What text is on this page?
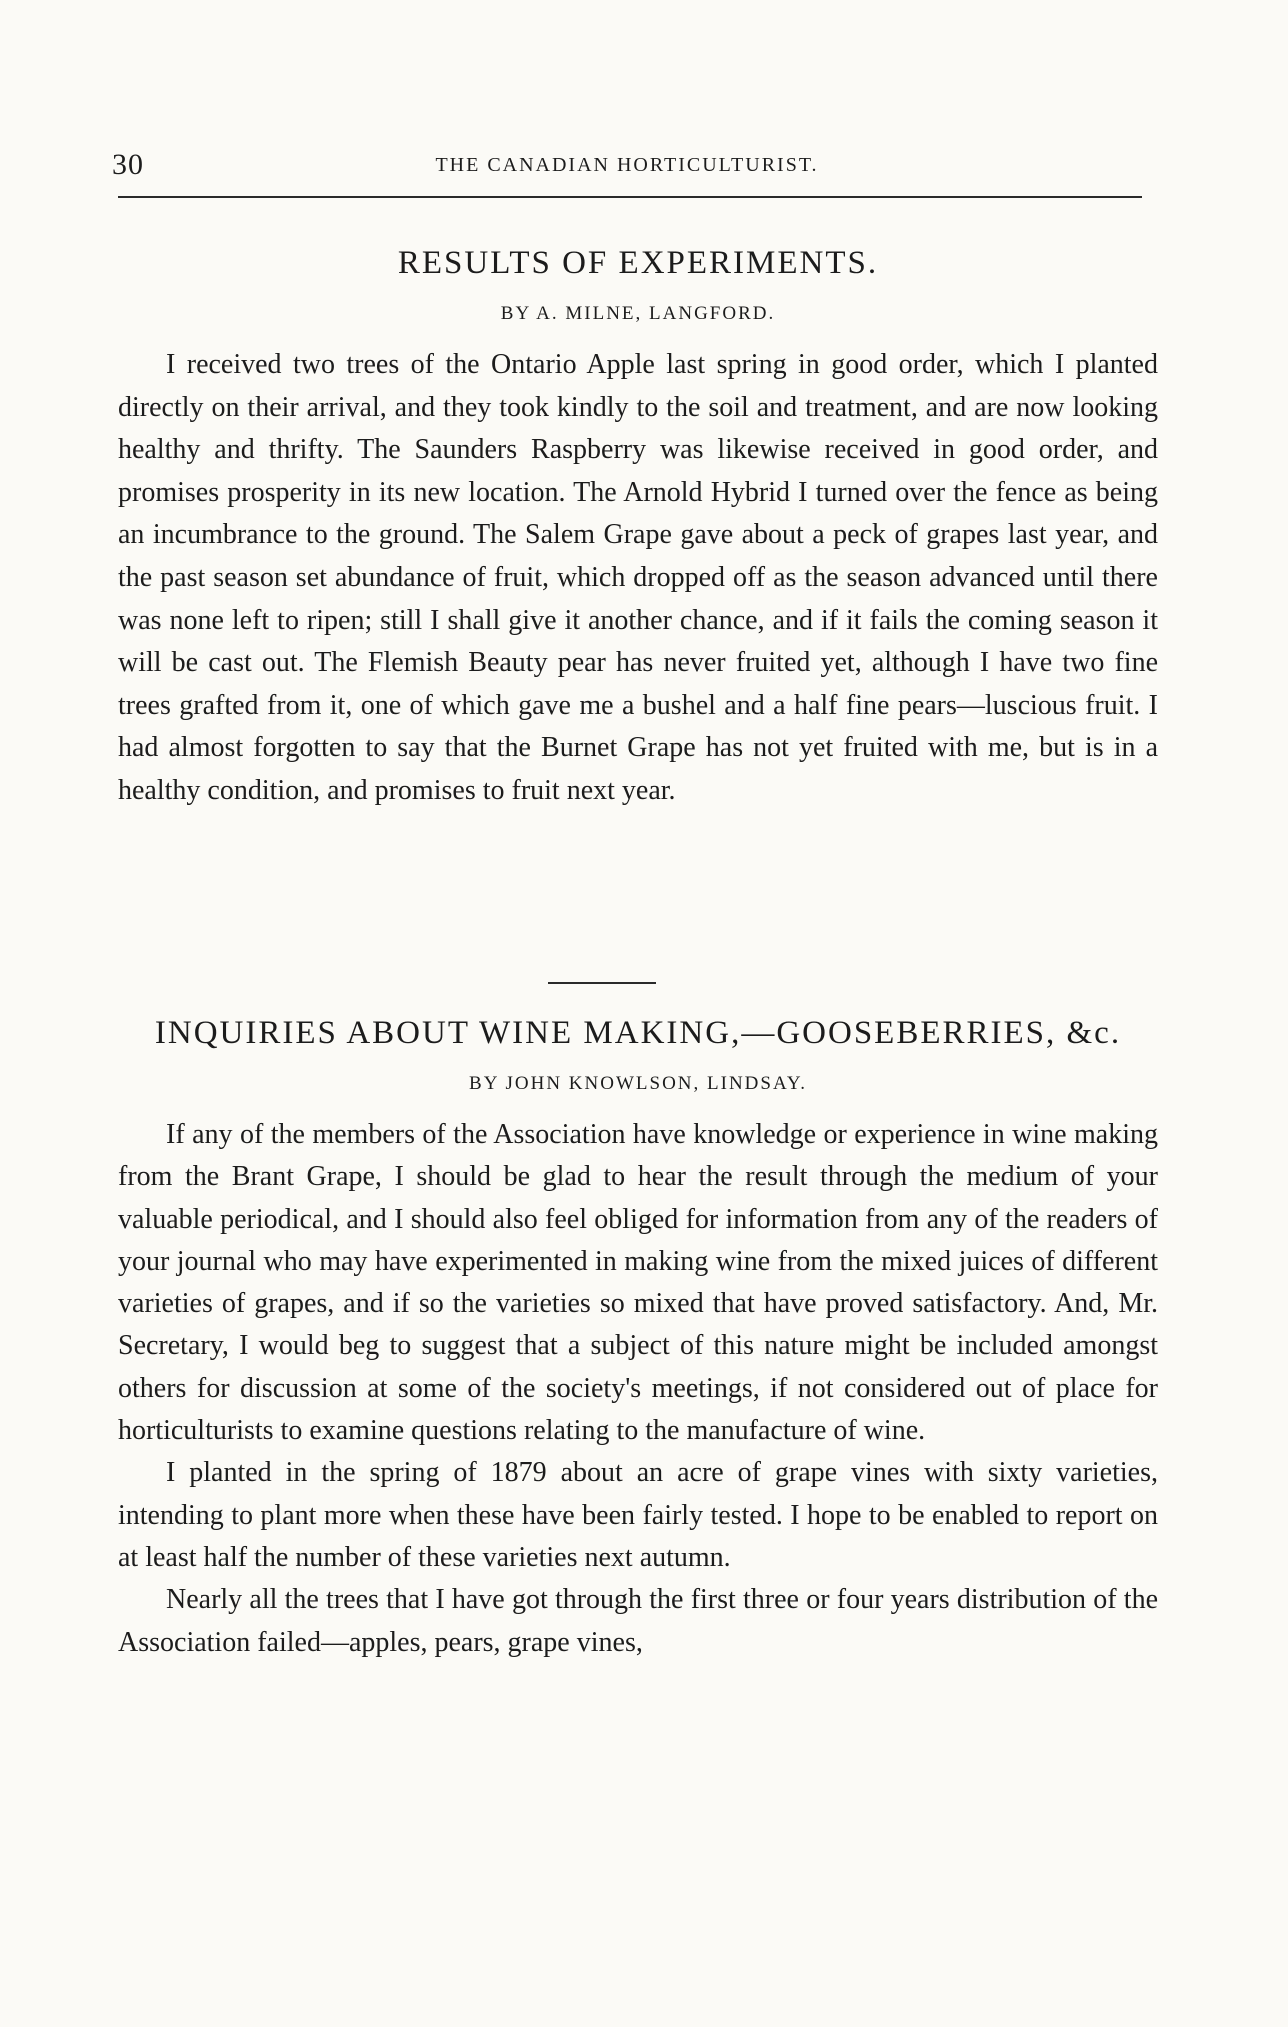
30	THE CANADIAN HORTICULTURIST.
RESULTS OF EXPERIMENTS.
BY A. MILNE, LANGFORD.

I received two trees of the Ontario Apple last spring in good order, which I planted directly on their arrival, and they took kindly to the soil and treatment, and are now looking healthy and thrifty. The Saunders Raspberry was likewise received in good order, and promises prosperity in its new location. The Arnold Hybrid I turned over the fence as being an incumbrance to the ground. The Salem Grape gave about a peck of grapes last year, and the past season set abundance of fruit, which dropped off as the season advanced until there was none left to ripen; still I shall give it another chance, and if it fails the coming season it will be cast out. The Flemish Beauty pear has never fruited yet, although I have two fine trees grafted from it, one of which gave me a bushel and a half fine pears—luscious fruit. I had almost forgotten to say that the Burnet Grape has not yet fruited with me, but is in a healthy condition, and promises to fruit next year.

INQUIRIES ABOUT WINE MAKING,—GOOSEBERRIES, &c.
BY JOHN KNOWLSON, LINDSAY.

If any of the members of the Association have knowledge or experience in wine making from the Brant Grape, I should be glad to hear the result through the medium of your valuable periodical, and I should also feel obliged for information from any of the readers of your journal who may have experimented in making wine from the mixed juices of different varieties of grapes, and if so the varieties so mixed that have proved satisfactory. And, Mr. Secretary, I would beg to suggest that a subject of this nature might be included amongst others for discussion at some of the society's meetings, if not considered out of place for horticulturists to examine questions relating to the manufacture of wine.

I planted in the spring of 1879 about an acre of grape vines with sixty varieties, intending to plant more when these have been fairly tested. I hope to be enabled to report on at least half the number of these varieties next autumn.

Nearly all the trees that I have got through the first three or four years distribution of the Association failed—apples, pears, grape vines,
